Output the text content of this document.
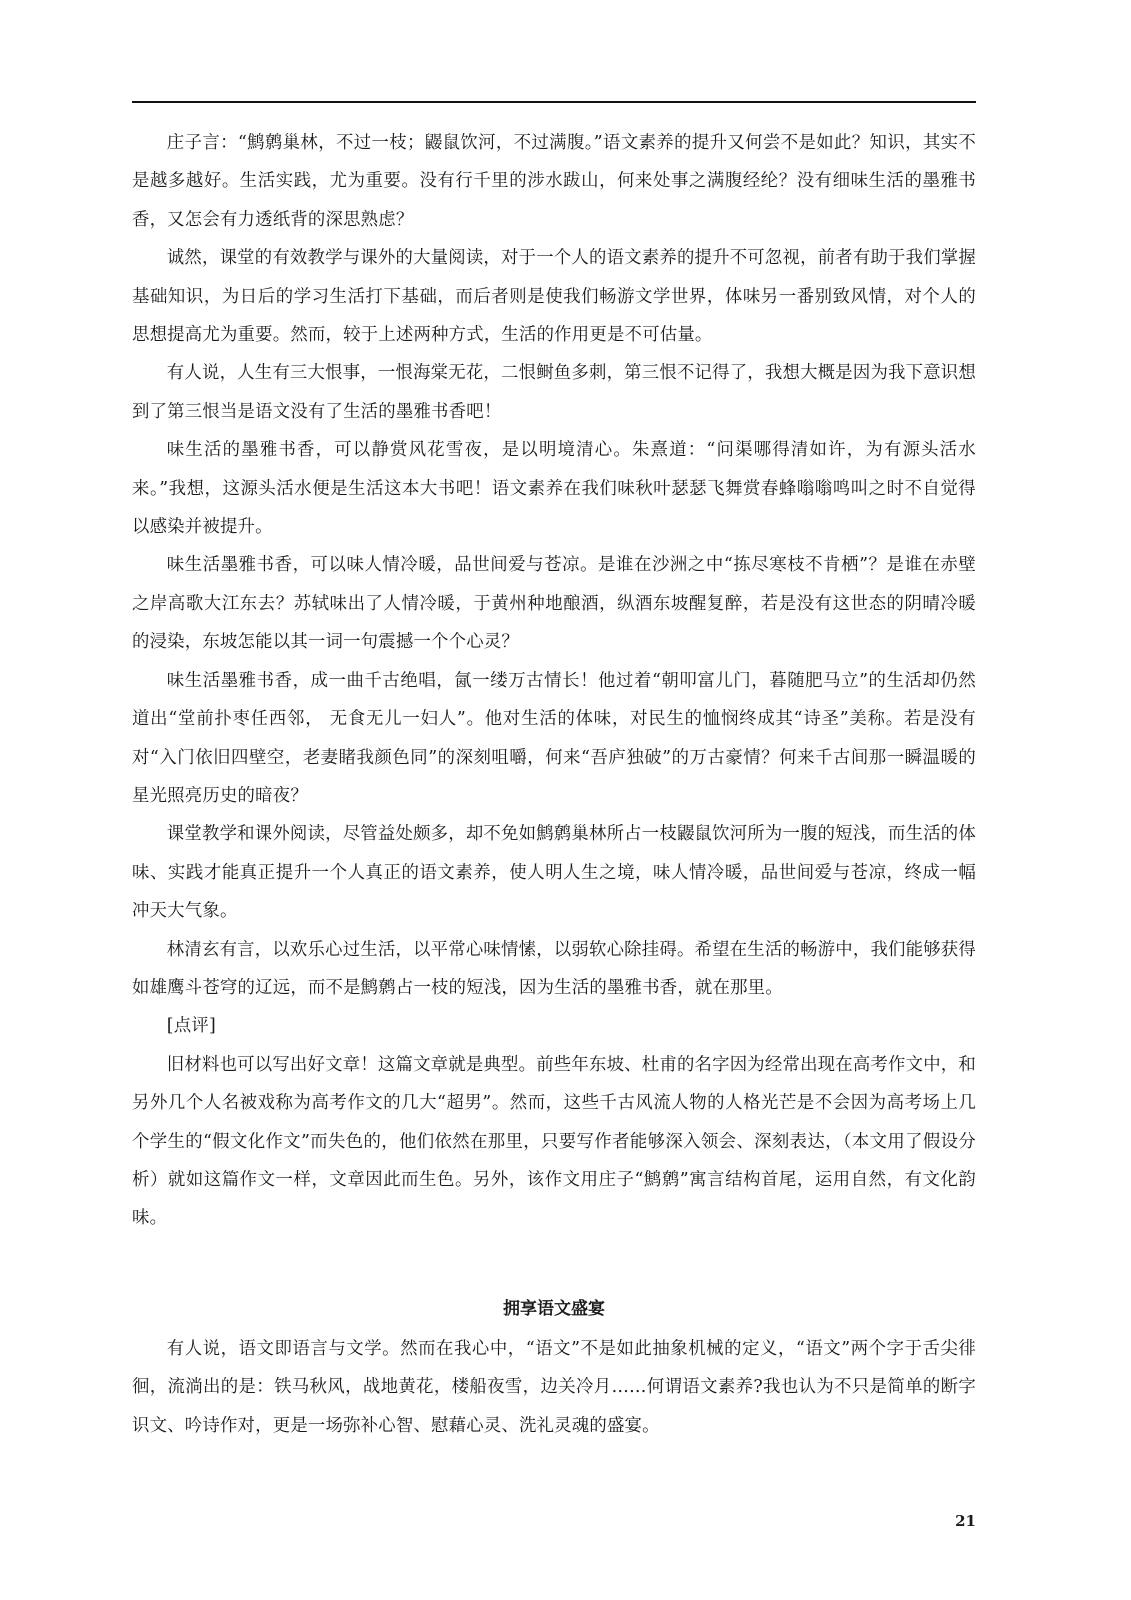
庄子言：“鹪鹩巢林，不过一枝；鼹鼠饮河，不过满腹。”语文素养的提升又何尝不是如此？知识，其实不是越多越好。生活实践，尤为重要。没有行千里的涉水跋山，何来处事之满腹经纶？没有细味生活的墨雅书香，又怎会有力透纸背的深思熟虑？

诚然，课堂的有效教学与课外的大量阅读，对于一个人的语文素养的提升不可忽视，前者有助于我们掌握基础知识，为日后的学习生活打下基础，而后者则是使我们畅游文学世界，体味另一番别致风情，对个人的思想提高尤为重要。然而，较于上述两种方式，生活的作用更是不可估量。

有人说，人生有三大恨事，一恨海棠无花，二恨鲥鱼多刺，第三恨不记得了，我想大概是因为我下意识想到了第三恨当是语文没有了生活的墨雅书香吧！

味生活的墨雅书香，可以静赏风花雪夜，是以明境清心。朱熹道：“问渠哪得清如许，为有源头活水来。”我想，这源头活水便是生活这本大书吧！语文素养在我们味秋叶瑟瑟飞舞赏春蜂嗡嗡鸣叫之时不自觉得以感染并被提升。

味生活墨雅书香，可以味人情冷暖，品世间爱与苍凉。是谁在沙洲之中“拣尽寒枝不肯栖”？是谁在赤壁之岸高歌大江东去？苏轼味出了人情冷暖，于黄州种地酿酒，纵酒东坡醒复醉，若是没有这世态的阴晴冷暖的浸染，东坡怎能以其一词一句震撼一个个心灵？

味生活墨雅书香，成一曲千古绝唱，氤一缕万古情长！他过着“朝叩富儿门，暮随肥马立”的生活却仍然道出“堂前扑枣任西邻， 无食无儿一妇人”。他对生活的体味，对民生的恤悯终成其“诗圣”美称。若是没有对“入门依旧四壁空，老妻睹我颜色同”的深刻咀嚼，何来“吾庐独破”的万古豪情？何来千古间那一瞬温暖的星光照亮历史的暗夜？

课堂教学和课外阅读，尽管益处颇多，却不免如鹪鹩巢林所占一枝鼹鼠饮河所为一腹的短浅，而生活的体味、实践才能真正提升一个人真正的语文素养，使人明人生之境，味人情冷暖，品世间爱与苍凉，终成一幅冲天大气象。

林清玄有言，以欢乐心过生活，以平常心味情愫，以弱软心除挂碍。希望在生活的畅游中，我们能够获得如雄鹰斗苍穹的辽远，而不是鹪鹩占一枝的短浅，因为生活的墨雅书香，就在那里。

[点评]

旧材料也可以写出好文章！这篇文章就是典型。前些年东坡、杜甫的名字因为经常出现在高考作文中，和另外几个人名被戏称为高考作文的几大“超男”。然而，这些千古风流人物的人格光芒是不会因为高考场上几个学生的“假文化作文”而失色的，他们依然在那里，只要写作者能够深入领会、深刻表达，（本文用了假设分析）就如这篇作文一样，文章因此而生色。另外，该作文用庄子“鹪鹩”寓言结构首尾，运用自然，有文化韵味。

拥享语文盛宴

有人说，语文即语言与文学。然而在我心中，“语文”不是如此抽象机械的定义，“语文”两个字于舌尖徘徊，流淌出的是：铁马秋风，战地黄花，楼船夜雪，边关冷月……何谓语文素养?我也认为不只是简单的断字识文、吟诗作对，更是一场弥补心智、慰藉心灵、洗礼灵魂的盛宴。

21
